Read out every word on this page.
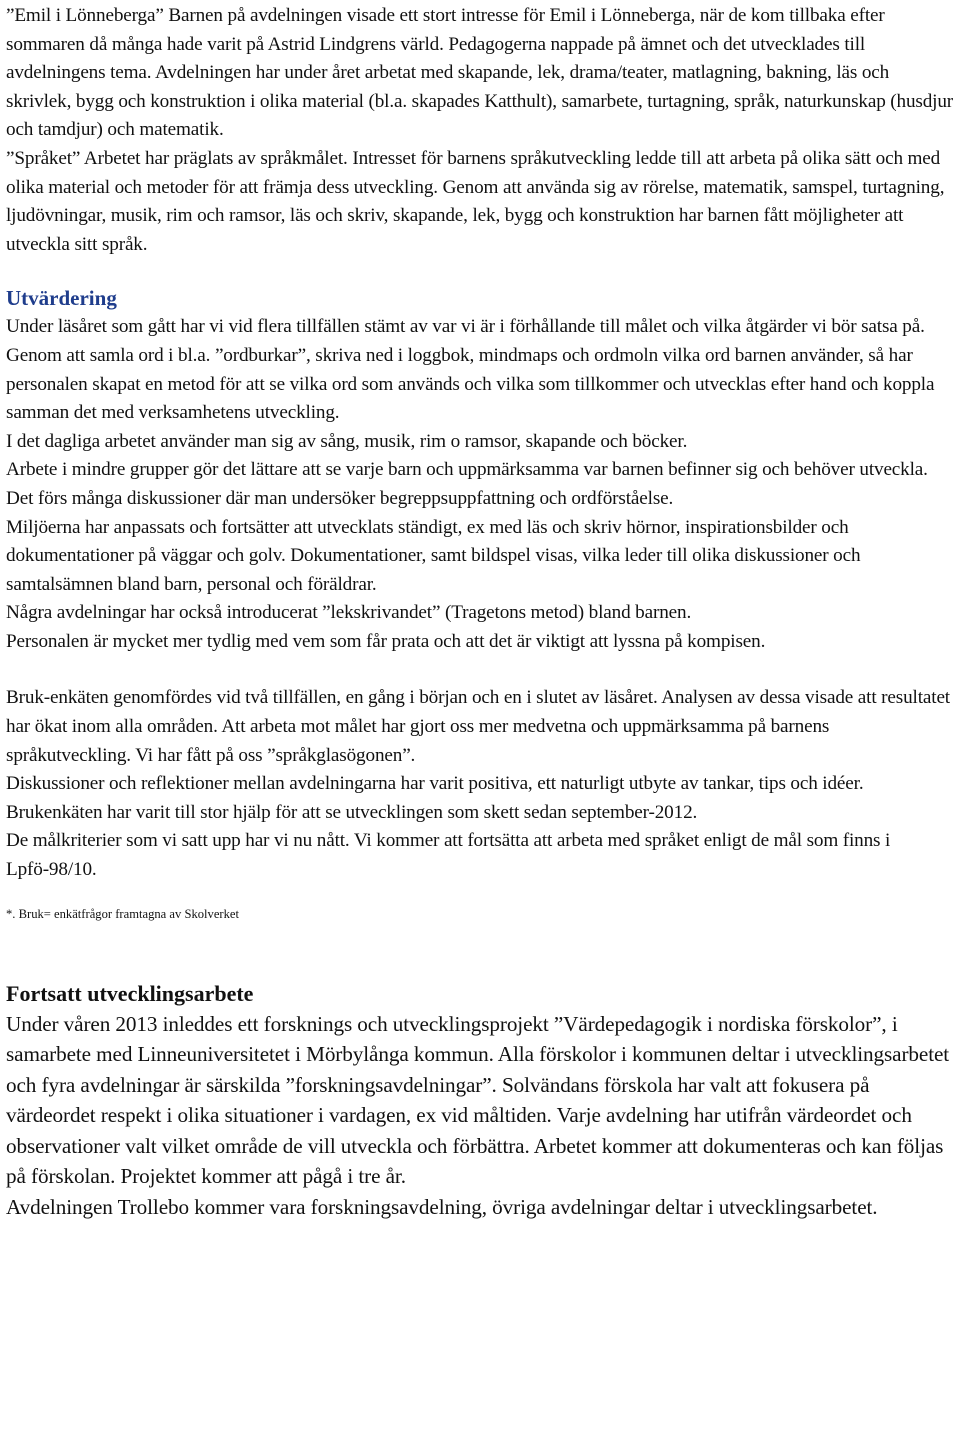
”Emil i Lönneberga” Barnen på avdelningen visade ett stort intresse för Emil i Lönneberga, när de kom tillbaka efter sommaren då många hade varit på Astrid Lindgrens värld. Pedagogerna nappade på ämnet och det utvecklades till avdelningens tema. Avdelningen har under året arbetat med skapande, lek, drama/teater, matlagning, bakning, läs och skrivlek, bygg och konstruktion i olika material (bl.a. skapades Katthult), samarbete, turtagning, språk, naturkunskap (husdjur och tamdjur) och matematik.

”Språket” Arbetet har präglats av språkmålet. Intresset för barnens språkutveckling ledde till att arbeta på olika sätt och med olika material och metoder för att främja dess utveckling. Genom att använda sig av rörelse, matematik, samspel, turtagning, ljudövningar, musik, rim och ramsor, läs och skriv, skapande, lek, bygg och konstruktion har barnen fått möjligheter att utveckla sitt språk.

Utvärdering

Under läsåret som gått har vi vid flera tillfällen stämt av var vi är i förhållande till målet och vilka åtgärder vi bör satsa på.

Genom att samla ord i bl.a. ”ordburkar”, skriva ned i loggbok, mindmaps och ordmoln vilka ord barnen använder, så har personalen skapat en metod för att se vilka ord som används och vilka som tillkommer och utvecklas efter hand och koppla samman det med verksamhetens utveckling.

I det dagliga arbetet använder man sig av sång, musik, rim o ramsor, skapande och böcker.

Arbete i mindre grupper gör det lättare att se varje barn och uppmärksamma var barnen befinner sig och behöver utveckla.

Det förs många diskussioner där man undersöker begreppsuppfattning och ordförståelse.

Miljöerna har anpassats och fortsätter att utvecklats ständigt, ex med läs och skriv hörnor, inspirationsbilder och dokumentationer på väggar och golv. Dokumentationer, samt bildspel visas, vilka leder till olika diskussioner och samtalsämnen bland barn, personal och föräldrar.

Några avdelningar har också introducerat ”lekskrivandet” (Tragetons metod) bland barnen.

Personalen är mycket mer tydlig med vem som får prata och att det är viktigt att lyssna på kompisen.

Bruk-enkäten genomfördes vid två tillfällen, en gång i början och en i slutet av läsåret. Analysen av dessa visade att resultatet har ökat inom alla områden. Att arbeta mot målet har gjort oss mer medvetna och uppmärksamma på barnens språkutveckling. Vi har fått på oss ”språkglasögonen”.

Diskussioner och reflektioner mellan avdelningarna har varit positiva, ett naturligt utbyte av tankar, tips och idéer.

Brukenkäten har varit till stor hjälp för att se utvecklingen som skett sedan september-2012.

De målkriterier som vi satt upp har vi nu nått. Vi kommer att fortsätta att arbeta med språket enligt de mål som finns i Lpfö-98/10.

*. Bruk= enkätfrågor framtagna av Skolverket

Fortsatt utvecklingsarbete

Under våren 2013 inleddes ett forsknings och utvecklingsprojekt ”Värdepedagogik i nordiska förskolor”, i samarbete med Linneuniversitetet i Mörbylånga kommun. Alla förskolor i kommunen deltar i utvecklingsarbetet och fyra avdelningar är särskilda ”forskningsavdelningar”. Solvändans förskola har valt att fokusera på värdeordet respekt i olika situationer i vardagen, ex vid måltiden. Varje avdelning har utifrån värdeordet och observationer valt vilket område de vill utveckla och förbättra. Arbetet kommer att dokumenteras och kan följas på förskolan. Projektet kommer att pågå i tre år.

Avdelningen Trollebo kommer vara forskningsavdelning, övriga avdelningar deltar i utvecklingsarbetet.
